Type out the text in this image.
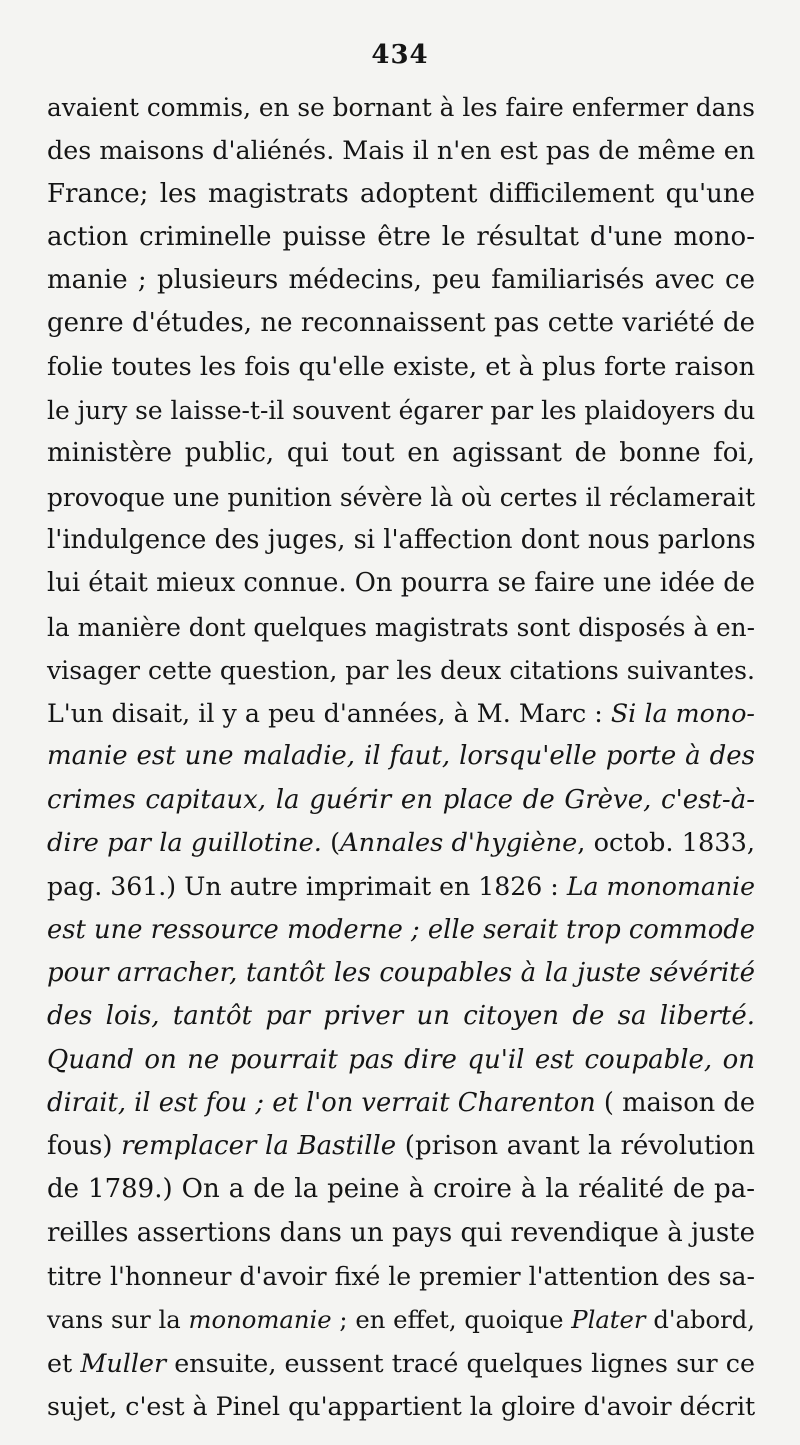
434
avaient commis, en se bornant à les faire enfermer dans
des maisons d'aliénés. Mais il n'en est pas de même en
France; les magistrats adoptent difficilement qu'une
action criminelle puisse être le résultat d'une mono-
manie ; plusieurs médecins, peu familiarisés avec ce
genre d'études, ne reconnaissent pas cette variété de
folie toutes les fois qu'elle existe, et à plus forte raison
le jury se laisse-t-il souvent égarer par les plaidoyers du
ministère public, qui tout en agissant de bonne foi,
provoque une punition sévère là où certes il réclamerait
l'indulgence des juges, si l'affection dont nous parlons
lui était mieux connue. On pourra se faire une idée de
la manière dont quelques magistrats sont disposés à en-
visager cette question, par les deux citations suivantes.
L'un disait, il y a peu d'années, à M. Marc : Si la mono-
manie est une maladie, il faut, lorsqu'elle porte à des
crimes capitaux, la guérir en place de Grève, c'est-à-
dire par la guillotine. (Annales d'hygiène, octob. 1833,
pag. 361.) Un autre imprimait en 1826 : La monomanie
est une ressource moderne ; elle serait trop commode
pour arracher, tantôt les coupables à la juste sévérité
des lois, tantôt par priver un citoyen de sa liberté.
Quand on ne pourrait pas dire qu'il est coupable, on
dirait, il est fou ; et l'on verrait Charenton ( maison de
fous) remplacer la Bastille (prison avant la révolution
de 1789.) On a de la peine à croire à la réalité de pa-
reilles assertions dans un pays qui revendique à juste
titre l'honneur d'avoir fixé le premier l'attention des sa-
vans sur la monomanie ; en effet, quoique Plater d'abord,
et Muller ensuite, eussent tracé quelques lignes sur ce
sujet, c'est à Pinel qu'appartient la gloire d'avoir décrit
